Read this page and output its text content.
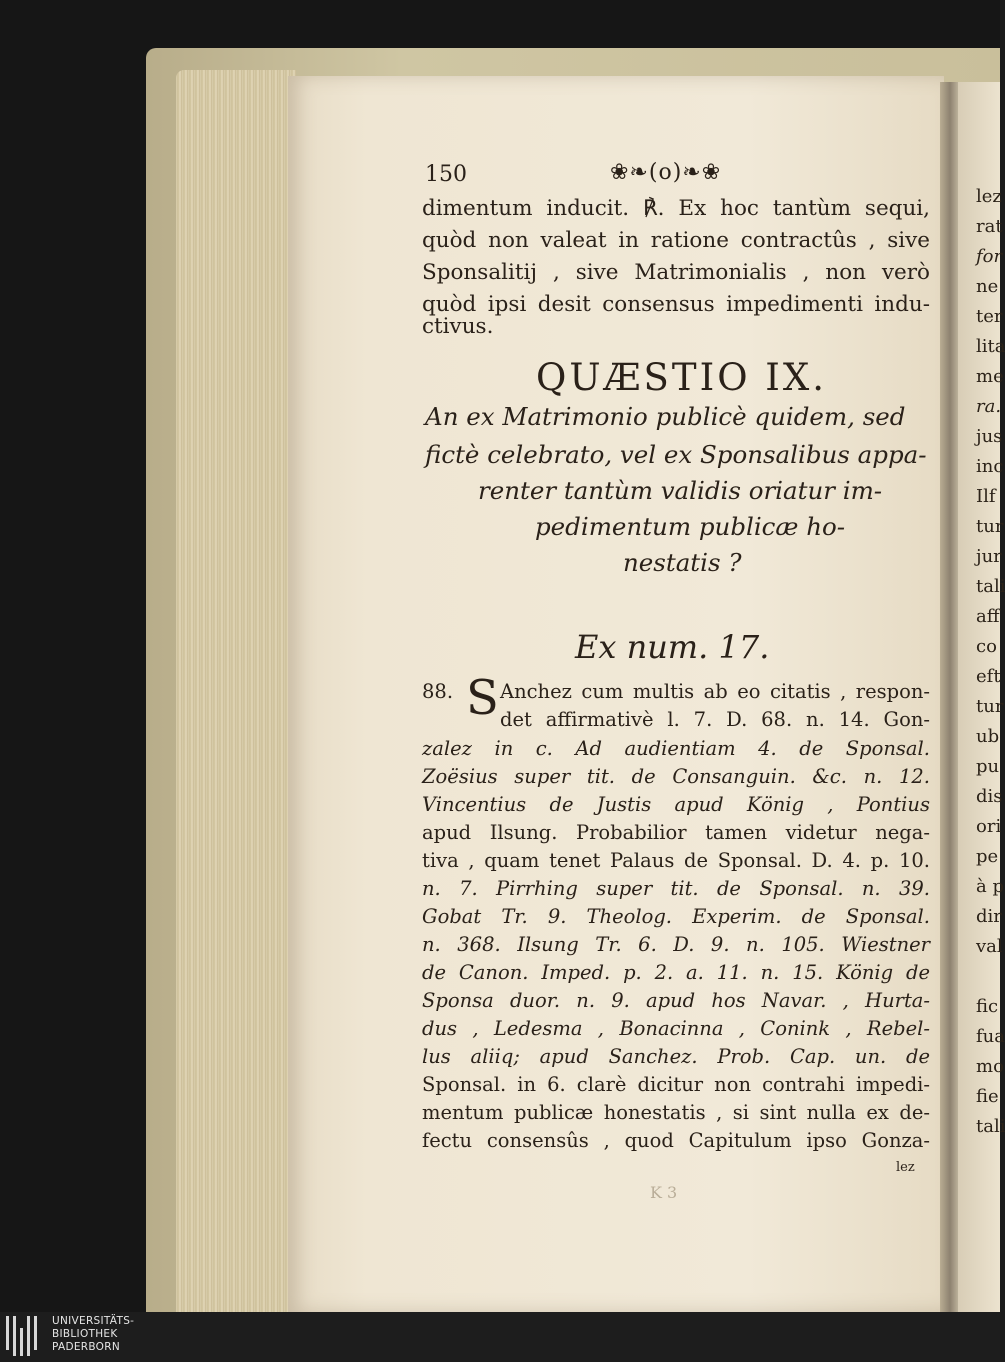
lez
rat
for
ne
ter
lita
me
ra.
jus
inc
Ilf
tur
jur
tali
aff
co
eft
tur
ub
pu
dis
ori
pe
à p
dir
val
fic
fua
mo
fie
tali
150	❀❧(o)❧❀
dimentum inducit. ℟. Ex hoc tantùm sequi,
quòd non valeat in ratione contractûs , sive
Sponsalitij , sive Matrimonialis , non verò
quòd ipsi desit consensus impedimenti indu-
ctivus.
QUÆSTIO IX.
An ex Matrimonio publicè quidem, sed
fictè celebrato, vel ex Sponsalibus appa-
renter tantùm validis oriatur im-
pedimentum publicæ ho-
nestatis ?
Ex num. 17.
88. S Anchez cum multis ab eo citatis , respon-
det affirmativè l. 7. D. 68. n. 14. Gon-
zalez in c. Ad audientiam 4. de Sponsal.
Zoësius super tit. de Consanguin. &c. n. 12.
Vincentius de Justis apud König , Pontius
apud Ilsung. Probabilior tamen videtur nega-
tiva , quam tenet Palaus de Sponsal. D. 4. p. 10.
n. 7. Pirrhing super tit. de Sponsal. n. 39.
Gobat Tr. 9. Theolog. Experim. de Sponsal.
n. 368. Ilsung Tr. 6. D. 9. n. 105. Wiestner
de Canon. Imped. p. 2. a. 11. n. 15. König de
Sponsa duor. n. 9. apud hos Navar. , Hurta-
dus , Ledesma , Bonacinna , Conink , Rebel-
lus aliiq; apud Sanchez. Prob. Cap. un. de
Sponsal. in 6. clarè dicitur non contrahi impedi-
mentum publicæ honestatis , si sint nulla ex de-
fectu consensûs , quod Capitulum ipso Gonza-
lez
K 3
UNIVERSITÄTS-
BIBLIOTHEK
PADERBORN
